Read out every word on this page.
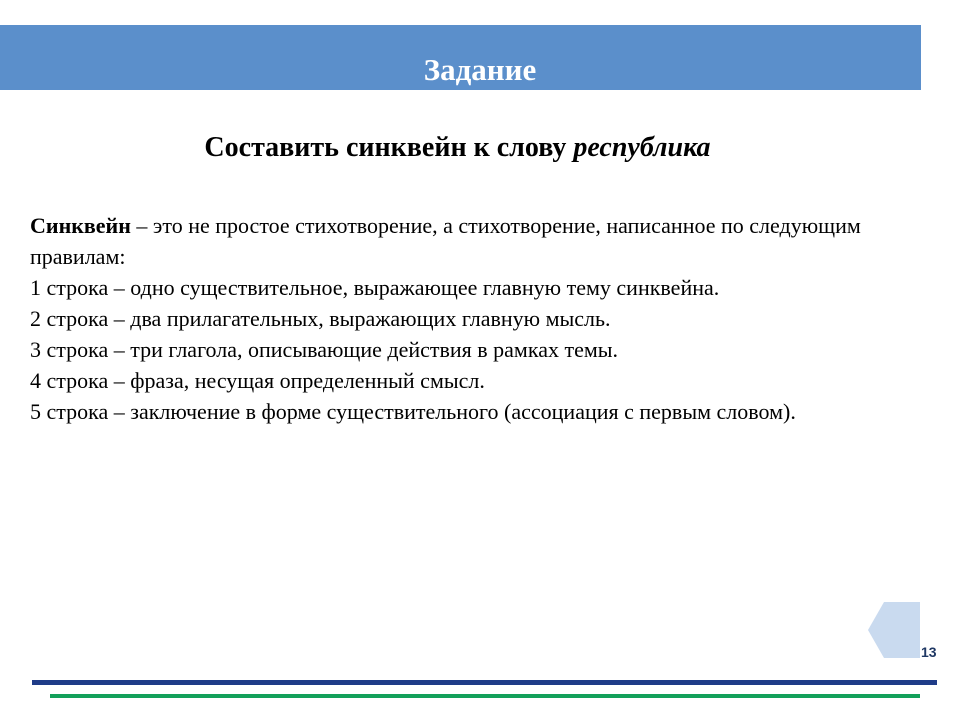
Задание
Составить синквейн к слову республика

Синквейн – это не простое стихотворение, а стихотворение, написанное по следующим правилам:

1 строка – одно существительное, выражающее главную тему синквейна.

2 строка – два прилагательных, выражающих главную мысль.

3 строка – три глагола, описывающие действия в рамках темы.

4 строка – фраза, несущая определенный смысл.

5 строка – заключение в форме существительного (ассоциация с первым словом).

13
